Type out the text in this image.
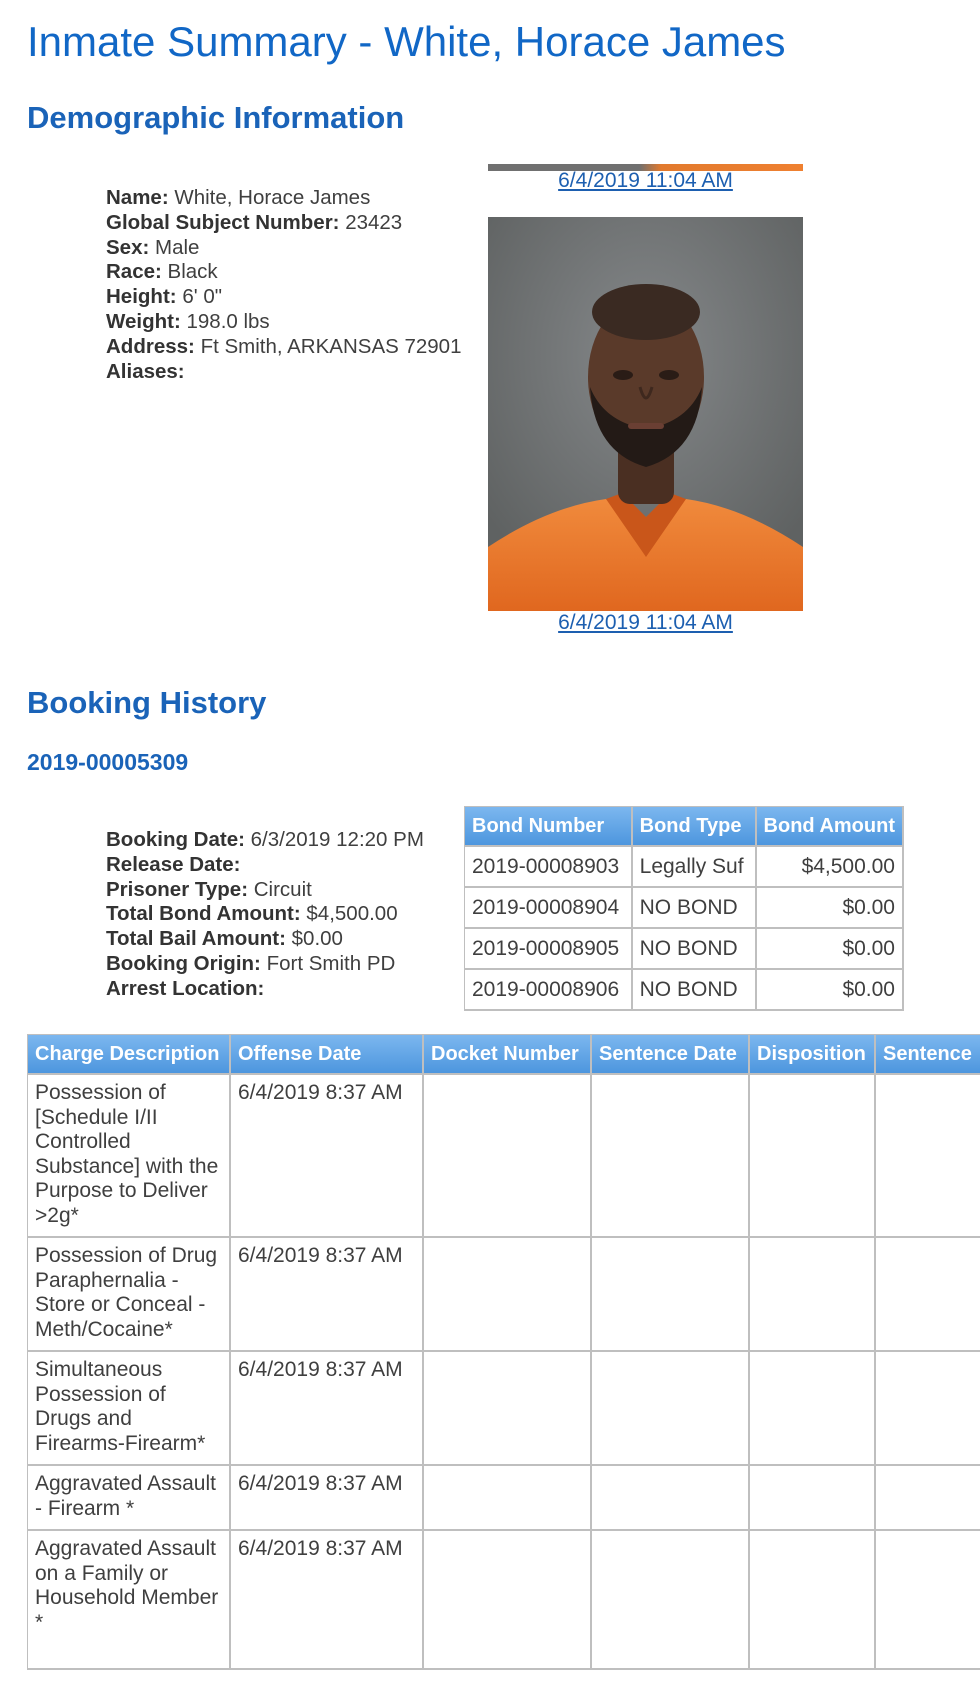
Inmate Summary - White, Horace James
Demographic Information
Name: White, Horace James
Global Subject Number: 23423
Sex: Male
Race: Black
Height: 6' 0"
Weight: 198.0 lbs
Address: Ft Smith, ARKANSAS 72901
Aliases:
6/4/2019 11:04 AM
6/4/2019 11:04 AM
Booking History
2019-00005309
Booking Date: 6/3/2019 12:20 PM
Release Date:
Prisoner Type: Circuit
Total Bond Amount: $4,500.00
Total Bail Amount: $0.00
Booking Origin: Fort Smith PD
Arrest Location:
Bond Number	Bond Type	Bond Amount
2019-00008903	Legally Suf	$4,500.00
2019-00008904	NO BOND	$0.00
2019-00008905	NO BOND	$0.00
2019-00008906	NO BOND	$0.00
Charge Description	Offense Date	Docket Number	Sentence Date	Disposition	Sentence
Possession of [Schedule I/II Controlled Substance] with the Purpose to Deliver >2g*	6/4/2019 8:37 AM				
Possession of Drug Paraphernalia - Store or Conceal - Meth/Cocaine*	6/4/2019 8:37 AM				
Simultaneous Possession of Drugs and Firearms-Firearm*	6/4/2019 8:37 AM				
Aggravated Assault - Firearm *	6/4/2019 8:37 AM				
Aggravated Assault on a Family or Household Member *	6/4/2019 8:37 AM				
